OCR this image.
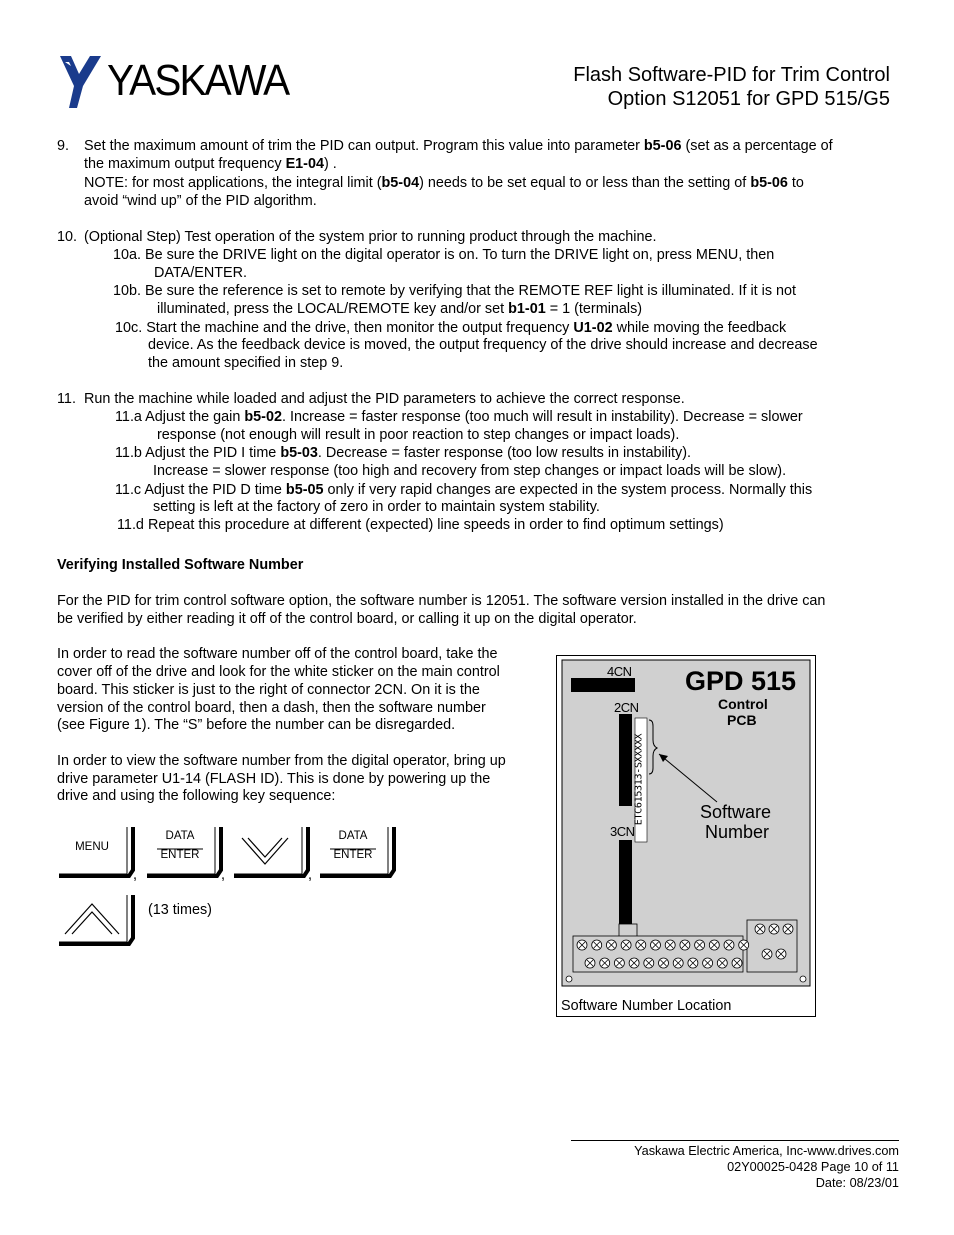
YASKAWA	Flash Software-PID for Trim Control
Option S12051 for GPD 515/G5
9. Set the maximum amount of trim the PID can output. Program this value into parameter b5-06 (set as a percentage of
the maximum output frequency E1-04) .
NOTE: for most applications, the integral limit (b5-04) needs to be set equal to or less than the setting of b5-06 to
avoid “wind up” of the PID algorithm.
10. (Optional Step) Test operation of the system prior to running product through the machine.
10a. Be sure the DRIVE light on the digital operator is on. To turn the DRIVE light on, press MENU, then
DATA/ENTER.
10b. Be sure the reference is set to remote by verifying that the REMOTE REF light is illuminated. If it is not
illuminated, press the LOCAL/REMOTE key and/or set b1-01 = 1 (terminals)
10c. Start the machine and the drive, then monitor the output frequency U1-02 while moving the feedback
device. As the feedback device is moved, the output frequency of the drive should increase and decrease
the amount specified in step 9.
11. Run the machine while loaded and adjust the PID parameters to achieve the correct response.
11.a Adjust the gain b5-02. Increase = faster response (too much will result in instability). Decrease = slower
response (not enough will result in poor reaction to step changes or impact loads).
11.b Adjust the PID I time b5-03. Decrease = faster response (too low results in instability).
Increase = slower response (too high and recovery from step changes or impact loads will be slow).
11.c Adjust the PID D time b5-05 only if very rapid changes are expected in the system process. Normally this
setting is left at the factory of zero in order to maintain system stability.
11.d Repeat this procedure at different (expected) line speeds in order to find optimum settings)
Verifying Installed Software Number
For the PID for trim control software option, the software number is 12051. The software version installed in the drive can
be verified by either reading it off of the control board, or calling it up on the digital operator.
In order to read the software number off of the control board, take the
cover off of the drive and look for the white sticker on the main control
board. This sticker is just to the right of connector 2CN. On it is the
version of the control board, then a dash, then the software number
(see Figure 1). The “S” before the number can be disregarded.
In order to view the software number from the digital operator, bring up
drive parameter U1-14 (FLASH ID). This is done by powering up the
drive and using the following key sequence:
MENU
,
DATA
ENTER
,	,
DATA
ENTER
(13 times)
4CN
2CN
3CN
GPD 515
Control
PCB
ETC615313-SXXXXX	Software
Number
Software Number Location
Yaskawa Electric America, Inc-www.drives.com
02Y00025-0428 Page 10 of 11
Date: 08/23/01
